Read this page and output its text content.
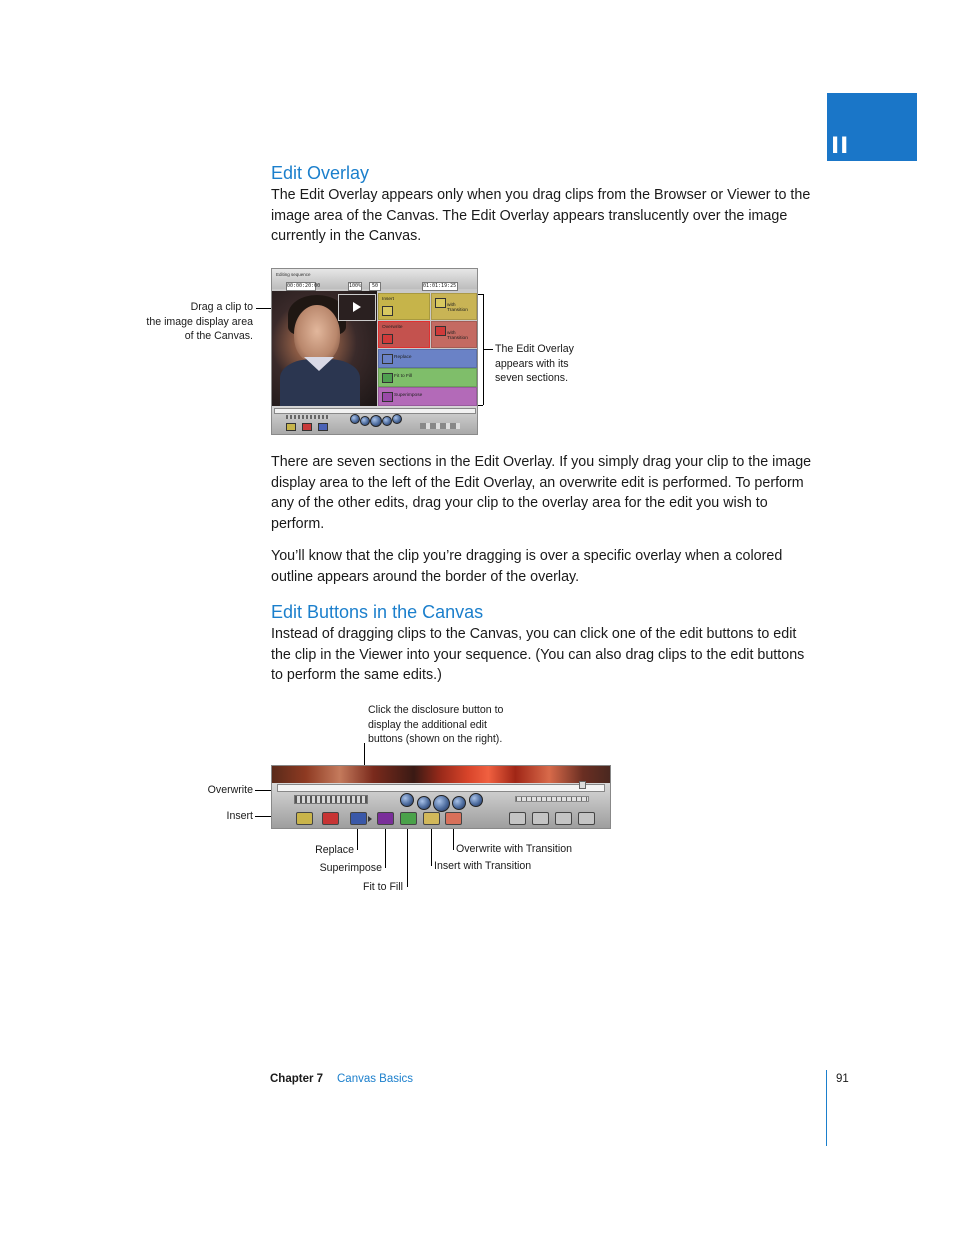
II
Edit Overlay

The Edit Overlay appears only when you drag clips from the Browser or Viewer to the image area of the Canvas. The Edit Overlay appears translucently over the image currently in the Canvas.

Drag a clip to
the image display area
of the Canvas.
The Edit Overlay
appears with its
seven sections.
Editing sequence
00:00:20:00	100%	50	01:01:19:25
Insert
with Transition
Overwrite
with Transition
Replace
Fit to Fill
Superimpose

There are seven sections in the Edit Overlay. If you simply drag your clip to the image display area to the left of the Edit Overlay, an overwrite edit is performed. To perform any of the other edits, drag your clip to the overlay area for the edit you wish to perform.

You’ll know that the clip you’re dragging is over a specific overlay when a colored outline appears around the border of the overlay.

Edit Buttons in the Canvas

Instead of dragging clips to the Canvas, you can click one of the edit buttons to edit the clip in the Viewer into your sequence. (You can also drag clips to the edit buttons to perform the same edits.)

Click the disclosure button to
display the additional edit
buttons (shown on the right).
Overwrite
Insert
Replace
Superimpose
Fit to Fill
Overwrite with Transition
Insert with Transition
Chapter 7 Canvas Basics	91
